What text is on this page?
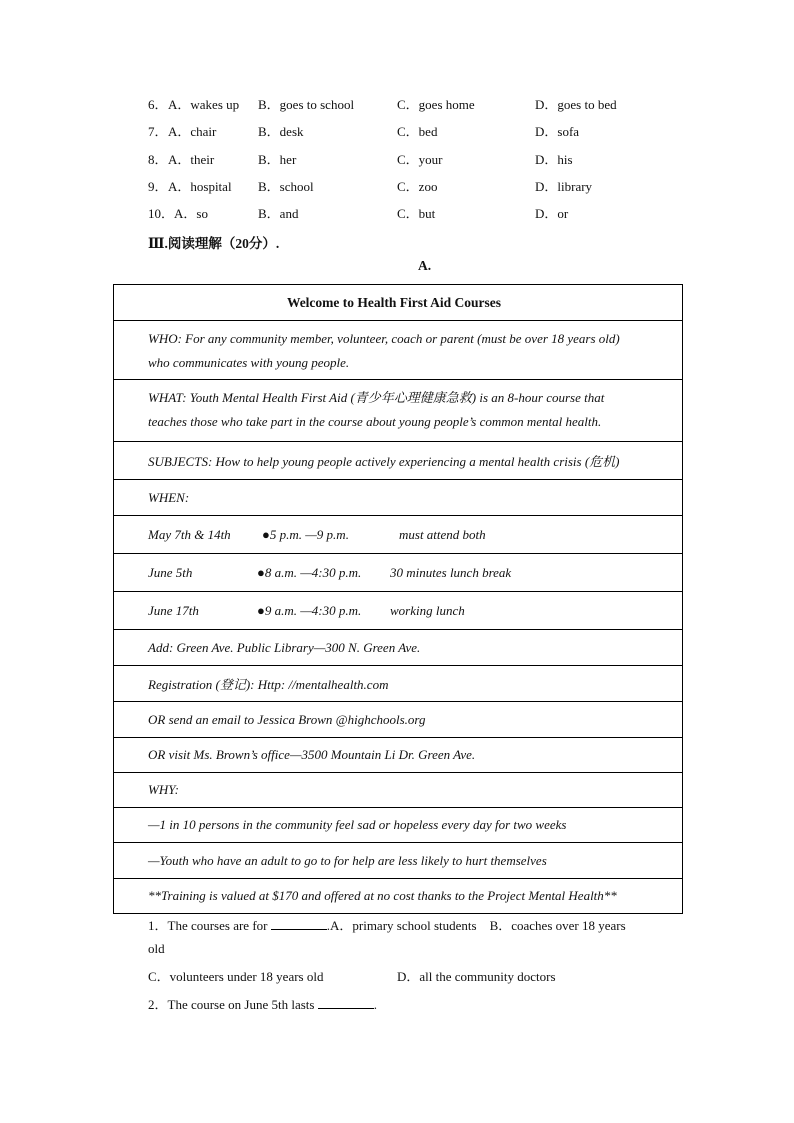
6． A．wakes up B．goes to school	C．goes home	D．goes to bed
7． A．chair	B．desk	C．bed	D．sofa
8． A．their	B．her	C．your	D．his
9． A．hospital B．school	C．zoo	D．library
10． A．so	B．and	C．but	D．or
Ⅲ.阅读理解（20分）.
A.
Welcome to Health First Aid Courses
WHO: For any community member, volunteer, coach or parent (must be over 18 years old)
who communicates with young people.
WHAT: Youth Mental Health First Aid (青少年心理健康急救) is an 8-hour course that
teaches those who take part in the course about young people’s common mental health.
SUBJECTS: How to help young people actively experiencing a mental health crisis (危机)
WHEN:
May 7th & 14th	●5 p.m. —9 p.m.	must attend both
June 5th	●8 a.m. —4:30 p.m.	30 minutes lunch break
June 17th	●9 a.m. —4:30 p.m.	working lunch
Add: Green Ave. Public Library—300 N. Green Ave.
Registration (登记): Http: //mentalhealth.com
OR send an email to Jessica Brown @highchools.org
OR visit Ms. Brown’s office—3500 Mountain Li Dr. Green Ave.
WHY:
—1 in 10 persons in the community feel sad or hopeless every day for two weeks
—Youth who have an adult to go to for help are less likely to hurt themselves
**Training is valued at $170 and offered at no cost thanks to the Project Mental Health**
1．The courses are for	.A．primary school students　B．coaches over 18 years
old
C．volunteers under 18 years old	D．all the community doctors
2．The course on June 5th lasts	.
